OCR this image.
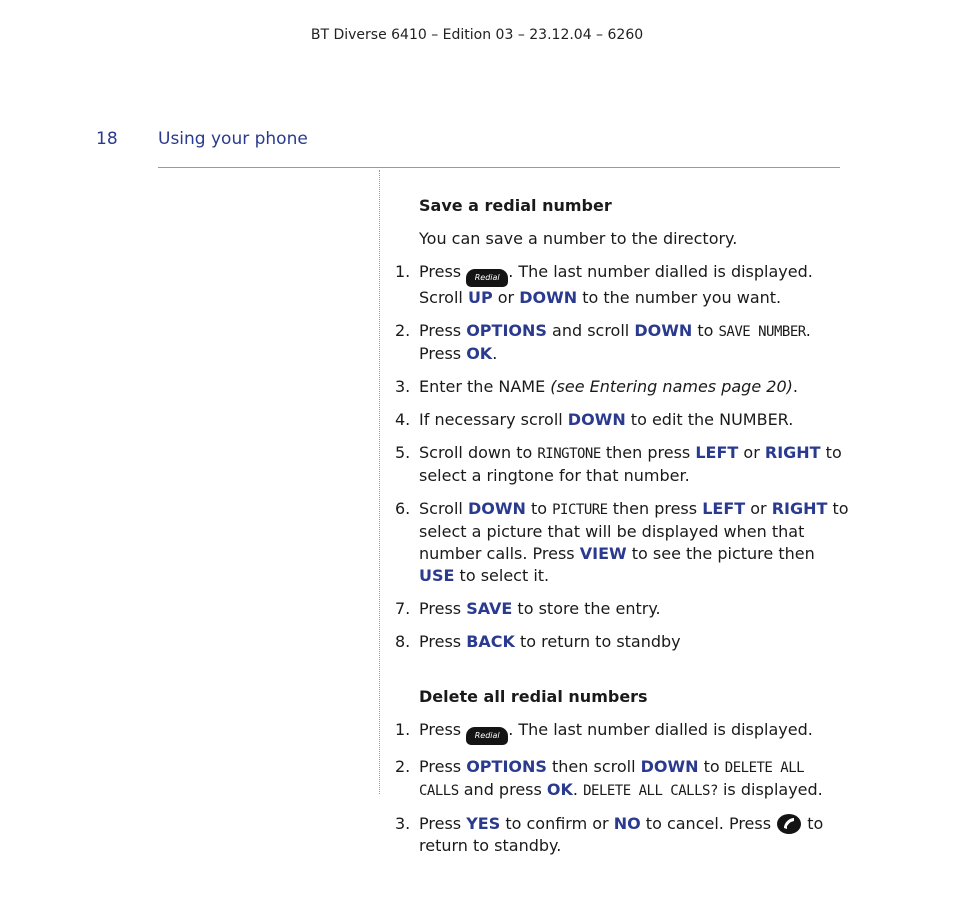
BT Diverse 6410 – Edition 03 – 23.12.04 – 6260
18 Using your phone
Save a redial number

You can save a number to the directory.

1. Press Redial . The last number dialled is displayed. Scroll UP or DOWN to the number you want.
2. Press OPTIONS and scroll DOWN to SAVE NUMBER. Press OK.
3. Enter the NAME (see Entering names page 20).
4. If necessary scroll DOWN to edit the NUMBER.
5. Scroll down to RINGTONE then press LEFT or RIGHT to select a ringtone for that number.
6. Scroll DOWN to PICTURE then press LEFT or RIGHT to select a picture that will be displayed when that number calls. Press VIEW to see the picture then USE to select it.
7. Press SAVE to store the entry.
8. Press BACK to return to standby
Delete all redial numbers
1. Press Redial . The last number dialled is displayed.
2. Press OPTIONS then scroll DOWN to DELETE ALL CALLS and press OK. DELETE ALL CALLS? is displayed.
3. Press YES to confirm or NO to cancel. Press  to return to standby.
